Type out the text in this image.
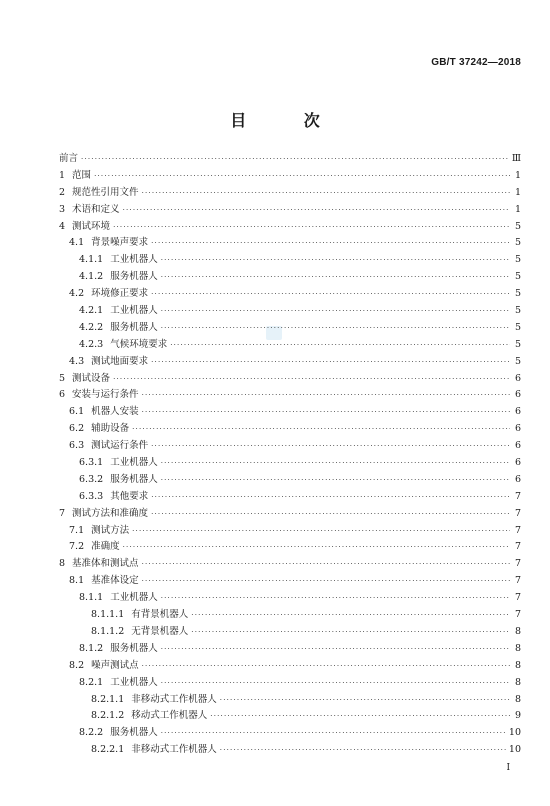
GB/T 37242—2018
目 次
前言 ·····	Ⅲ
1 范围 ·····	1
2 规范性引用文件 ·····	1
3 术语和定义 ·····	1
4 测试环境 ·····	5
4.1 背景噪声要求 ·····	5
4.1.1 工业机器人 ·····	5
4.1.2 服务机器人 ·····	5
4.2 环境修正要求 ·····	5
4.2.1 工业机器人 ·····	5
4.2.2 服务机器人 ·····	5
4.2.3 气候环境要求 ·····	5
4.3 测试地面要求 ·····	5
5 测试设备 ·····	6
6 安装与运行条件 ·····	6
6.1 机器人安装 ·····	6
6.2 辅助设备 ·····	6
6.3 测试运行条件 ·····	6
6.3.1 工业机器人 ·····	6
6.3.2 服务机器人 ·····	6
6.3.3 其他要求 ·····	7
7 测试方法和准确度 ·····	7
7.1 测试方法 ·····	7
7.2 准确度 ·····	7
8 基准体和测试点 ·····	7
8.1 基准体设定 ·····	7
8.1.1 工业机器人 ·····	7
8.1.1.1 有背景机器人 ·····	7
8.1.1.2 无背景机器人 ·····	8
8.1.2 服务机器人 ·····	8
8.2 噪声测试点 ·····	8
8.2.1 工业机器人 ·····	8
8.2.1.1 非移动式工作机器人 ·····	8
8.2.1.2 移动式工作机器人 ·····	9
8.2.2 服务机器人 ·····	10
8.2.2.1 非移动式工作机器人 ·····	10
Ⅰ
